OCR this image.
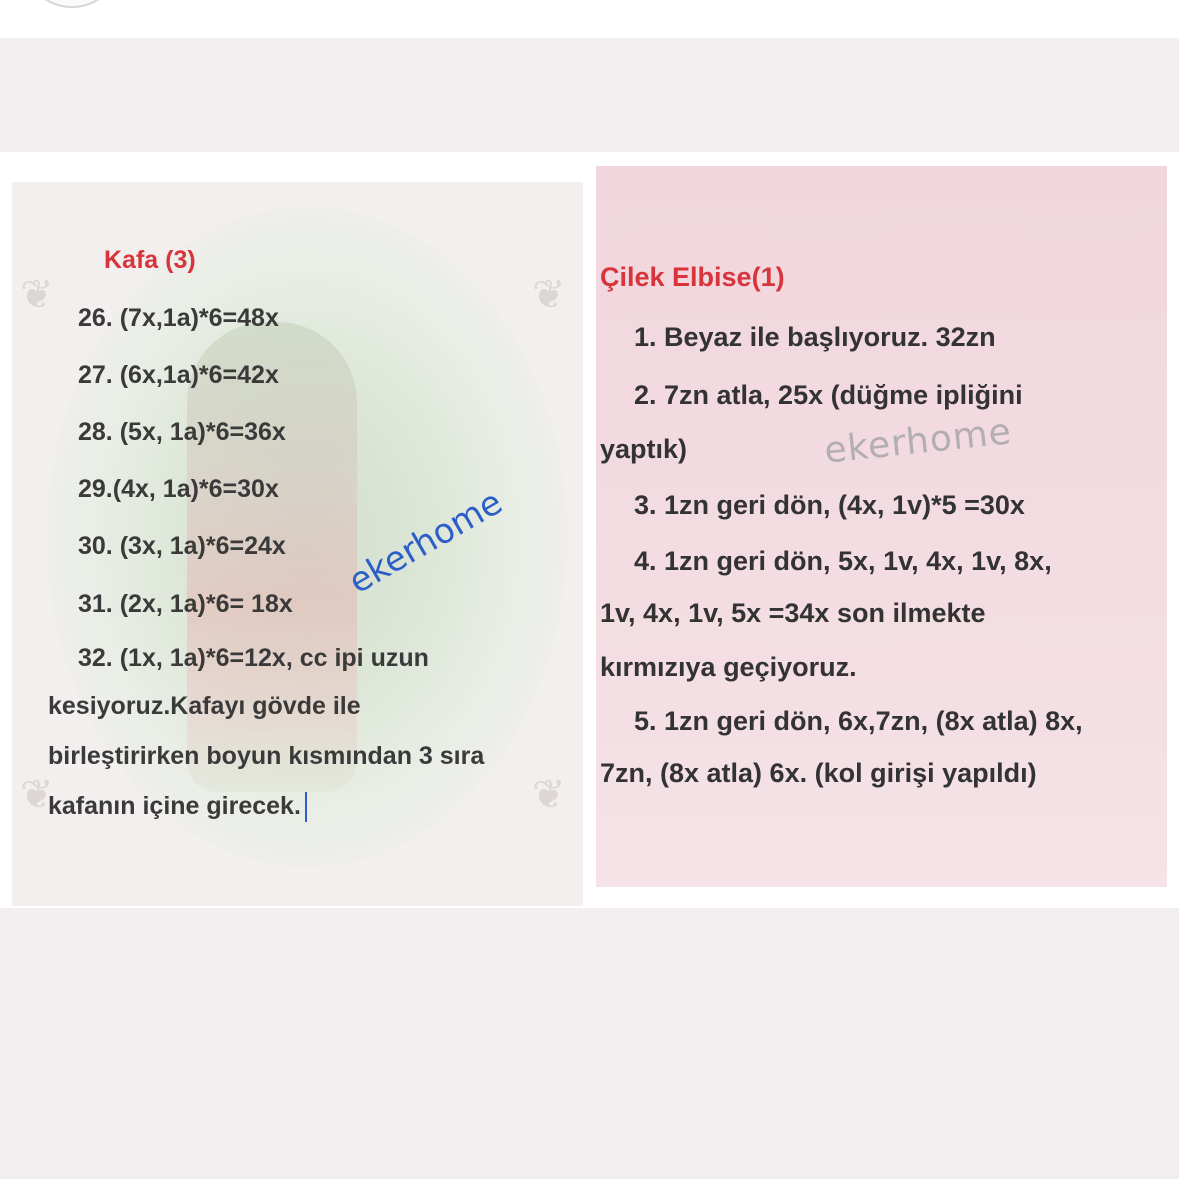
❦	❦
❦	❦
Kafa (3)
26. (7x,1a)*6=48x
27. (6x,1a)*6=42x
28. (5x, 1a)*6=36x
29.(4x, 1a)*6=30x
30. (3x, 1a)*6=24x
31. (2x, 1a)*6= 18x
32. (1x, 1a)*6=12x, cc ipi uzun
kesiyoruz.Kafayı gövde ile
birleştirirken boyun kısmından 3 sıra
kafanın içine girecek.
ekerhome
Çilek Elbise(1)
1. Beyaz ile başlıyoruz. 32zn
2. 7zn atla, 25x (düğme ipliğini
yaptık)
3. 1zn geri dön, (4x, 1v)*5 =30x
4. 1zn geri dön, 5x, 1v, 4x, 1v, 8x,
1v, 4x, 1v, 5x =34x son ilmekte
kırmızıya geçiyoruz.
5. 1zn geri dön, 6x,7zn, (8x atla) 8x,
7zn, (8x atla) 6x. (kol girişi yapıldı)
ekerhome
